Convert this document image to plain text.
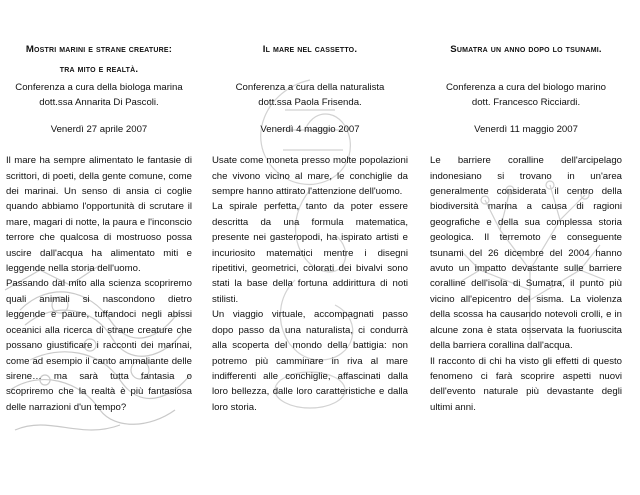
Mostri marini e strane creature:

tra mito e realtà.

Conferenza a cura della biologa marina

dott.ssa Annarita Di Pascoli.

Venerdì 27 aprile 2007

Il mare ha sempre alimentato le fantasie di scrittori, di poeti, della gente comune, come dei marinai. Un senso di ansia ci coglie quando abbiamo l'opportunità di scrutare il mare, magari di notte, la paura e l'inconscio terrore che qualcosa di mostruoso possa uscire dall'acqua ha alimentato miti e leggende nella storia dell'uomo.

Passando dal mito alla scienza scopriremo quali animali si nascondono dietro leggende e paure, tuffandoci negli abissi oceanici alla ricerca di strane creature che possano giustificare i racconti dei marinai, come ad esempio il canto ammaliante delle sirene… ma sarà tutta fantasia o scopriremo che la realtà è più fantasiosa delle narrazioni d'un tempo?

Il mare nel cassetto.

Conferenza a cura della naturalista

dott.ssa Paola Frisenda.

Venerdì 4 maggio 2007

Usate come moneta presso molte popolazioni che vivono vicino al mare, le conchiglie da sempre hanno attirato l'attenzione dell'uomo.

La spirale perfetta, tanto da poter essere descritta da una formula matematica, presente nei gasteropodi, ha ispirato artisti e incuriosito matematici mentre i disegni ripetitivi, geometrici, colorati dei bivalvi sono stati la base della fortuna addirittura di noti stilisti.

Un viaggio virtuale, accompagnati passo dopo passo da una naturalista, ci condurrà alla scoperta del mondo della battigia: non potremo più camminare in riva al mare indifferenti alle conchiglie, affascinati dalla loro bellezza, dalle loro caratteristiche e dalla loro storia.

Sumatra un anno dopo lo tsunami.

Conferenza a cura del biologo marino

dott. Francesco Ricciardi.

Venerdì 11 maggio 2007

Le barriere coralline dell'arcipelago indonesiano si trovano in un'area generalmente considerata il centro della biodiversità marina a causa di ragioni geografiche e della sua complessa storia geologica. Il terremoto e conseguente tsunami del 26 dicembre del 2004 hanno avuto un impatto devastante sulle barriere coralline dell'isola di Sumatra, il punto più vicino all'epicentro del sisma. La violenza della scossa ha causando notevoli crolli, e in alcune zona è stata osservata la fuoriuscita della barriera corallina dall'acqua.

Il racconto di chi ha visto gli effetti di questo fenomeno ci farà scoprire aspetti nuovi dell'evento naturale più devastante degli ultimi anni.
